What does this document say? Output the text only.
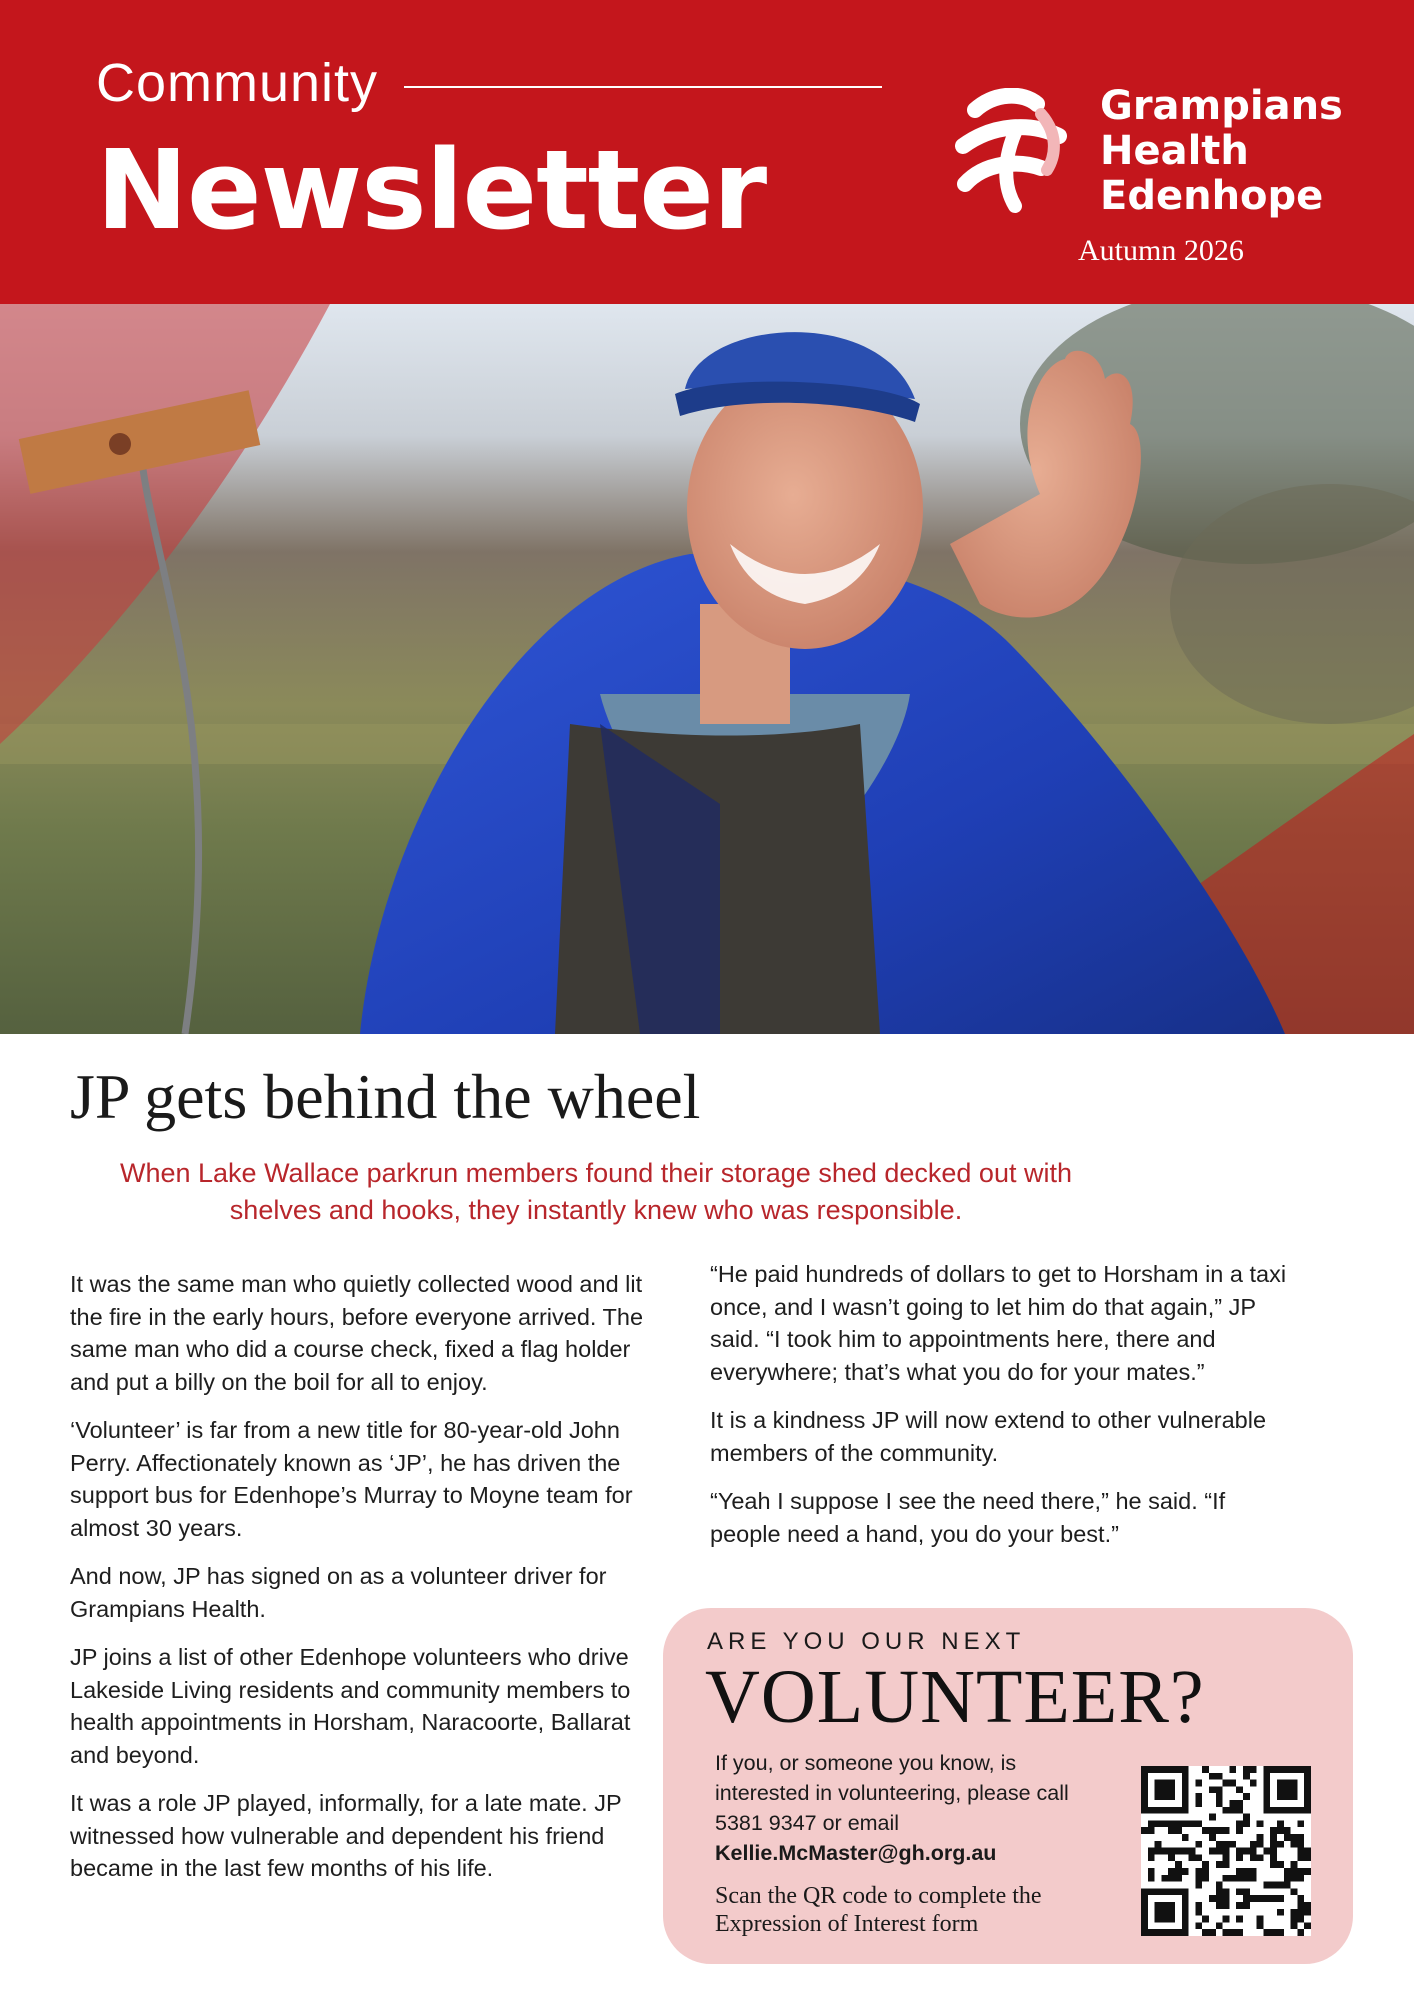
Community
Newsletter
Grampians
Health
Edenhope
Autumn 2026
JP gets behind the wheel
When Lake Wallace parkrun members found their storage shed decked out with shelves and hooks, they instantly knew who was responsible.

It was the same man who quietly collected wood and lit the fire in the early hours, before everyone arrived. The same man who did a course check, fixed a flag holder and put a billy on the boil for all to enjoy.

‘Volunteer’ is far from a new title for 80-year-old John Perry. Affectionately known as ‘JP’, he has driven the support bus for Edenhope’s Murray to Moyne team for almost 30 years.

And now, JP has signed on as a volunteer driver for Grampians Health.

JP joins a list of other Edenhope volunteers who drive Lakeside Living residents and community members to health appointments in Horsham, Naracoorte, Ballarat and beyond.

It was a role JP played, informally, for a late mate. JP witnessed how vulnerable and dependent his friend became in the last few months of his life.

“He paid hundreds of dollars to get to Horsham in a taxi once, and I wasn’t going to let him do that again,” JP said. “I took him to appointments here, there and everywhere; that’s what you do for your mates.”

It is a kindness JP will now extend to other vulnerable members of the community.

“Yeah I suppose I see the need there,” he said. “If people need a hand, you do your best.”

ARE YOU OUR NEXT
VOLUNTEER?
If you, or someone you know, is interested in volunteering, please call 5381 9347 or email
Kellie.McMaster@gh.org.au
Scan the QR code to complete the Expression of Interest form
